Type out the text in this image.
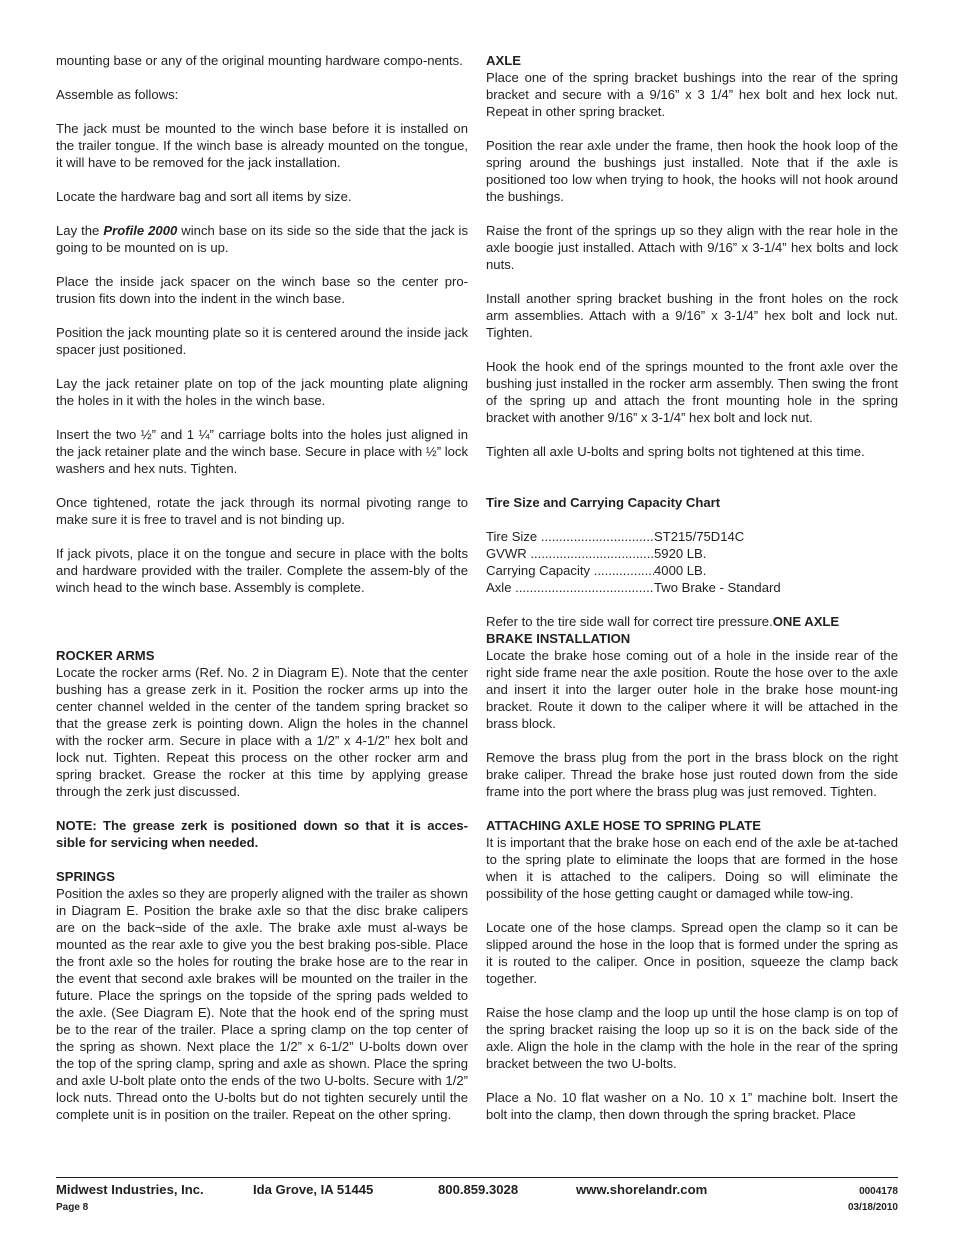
mounting base or any of the original mounting hardware compo-nents.

Assemble as follows:

The jack must be mounted to the winch base before it is installed on the trailer tongue. If the winch base is already mounted on the tongue, it will have to be removed for the jack installation.

Locate the hardware bag and sort all items by size.

Lay the Profile 2000 winch base on its side so the side that the jack is going to be mounted on is up.

Place the inside jack spacer on the winch base so the center pro-trusion fits down into the indent in the winch base.

Position the jack mounting plate so it is centered around the inside jack spacer just positioned.

Lay the jack retainer plate on top of the jack mounting plate aligning the holes in it with the holes in the winch base.

Insert the two ½” and 1 ¼” carriage bolts into the holes just aligned in the jack retainer plate and the winch base. Secure in place with ½” lock washers and hex nuts. Tighten.

Once tightened, rotate the jack through its normal pivoting range to make sure it is free to travel and is not binding up.

If jack pivots, place it on the tongue and secure in place with the bolts and hardware provided with the trailer. Complete the assem-bly of the winch head to the winch base. Assembly is complete.

ROCKER ARMS

Locate the rocker arms (Ref. No. 2 in Diagram E). Note that the center bushing has a grease zerk in it. Position the rocker arms up into the center channel welded in the center of the tandem spring bracket so that the grease zerk is pointing down. Align the holes in the channel with the rocker arm. Secure in place with a 1/2” x 4-1/2” hex bolt and lock nut. Tighten. Repeat this process on the other rocker arm and spring bracket. Grease the rocker at this time by applying grease through the zerk just discussed.

NOTE: The grease zerk is positioned down so that it is acces-sible for servicing when needed.

SPRINGS

Position the axles so they are properly aligned with the trailer as shown in Diagram E. Position the brake axle so that the disc brake calipers are on the back¬side of the axle. The brake axle must al-ways be mounted as the rear axle to give you the best braking pos-sible. Place the front axle so the holes for routing the brake hose are to the rear in the event that second axle brakes will be mounted on the trailer in the future. Place the springs on the topside of the spring pads welded to the axle. (See Diagram E). Note that the hook end of the spring must be to the rear of the trailer. Place a spring clamp on the top center of the spring as shown. Next place the 1/2” x 6-1/2” U-bolts down over the top of the spring clamp, spring and axle as shown. Place the spring and axle U-bolt plate onto the ends of the two U-bolts. Secure with 1/2” lock nuts. Thread onto the U-bolts but do not tighten securely until the complete unit is in position on the trailer. Repeat on the other spring.

AXLE

Place one of the spring bracket bushings into the rear of the spring bracket and secure with a 9/16” x 3 1/4” hex bolt and hex lock nut. Repeat in other spring bracket.

Position the rear axle under the frame, then hook the hook loop of the spring around the bushings just installed. Note that if the axle is positioned too low when trying to hook, the hooks will not hook around the bushings.

Raise the front of the springs up so they align with the rear hole in the axle boogie just installed. Attach with 9/16” x 3-1/4” hex bolts and lock nuts.

Install another spring bracket bushing in the front holes on the rock arm assemblies. Attach with a 9/16” x 3-1/4” hex bolt and lock nut. Tighten.

Hook the hook end of the springs mounted to the front axle over the bushing just installed in the rocker arm assembly. Then swing the front of the spring up and attach the front mounting hole in the spring bracket with another 9/16” x 3-1/4” hex bolt and lock nut.

Tighten all axle U-bolts and spring bolts not tightened at this time.

Tire Size and Carrying Capacity Chart

Tire Size .....	ST215/75D14C
GVWR .....	5920 LB.
Carrying Capacity .....	4000 LB.
Axle .....	Two Brake - Standard

Refer to the tire side wall for correct tire pressure.ONE AXLE

BRAKE INSTALLATION

Locate the brake hose coming out of a hole in the inside rear of the right side frame near the axle position. Route the hose over to the axle and insert it into the larger outer hole in the brake hose mount-ing bracket. Route it down to the caliper where it will be attached in the brass block.

Remove the brass plug from the port in the brass block on the right brake caliper. Thread the brake hose just routed down from the side frame into the port where the brass plug was just removed. Tighten.

ATTACHING AXLE HOSE TO SPRING PLATE

It is important that the brake hose on each end of the axle be at-tached to the spring plate to eliminate the loops that are formed in the hose when it is attached to the calipers. Doing so will eliminate the possibility of the hose getting caught or damaged while tow-ing.

Locate one of the hose clamps. Spread open the clamp so it can be slipped around the hose in the loop that is formed under the spring as it is routed to the caliper. Once in position, squeeze the clamp back together.

Raise the hose clamp and the loop up until the hose clamp is on top of the spring bracket raising the loop up so it is on the back side of the axle. Align the hole in the clamp with the hole in the rear of the spring bracket between the two U-bolts.

Place a No. 10 flat washer on a No. 10 x 1” machine bolt. Insert the bolt into the clamp, then down through the spring bracket. Place

Midwest Industries, Inc.	Ida Grove, IA 51445	800.859.3028	www.shorelandr.com	0004178
Page 8	03/18/2010
